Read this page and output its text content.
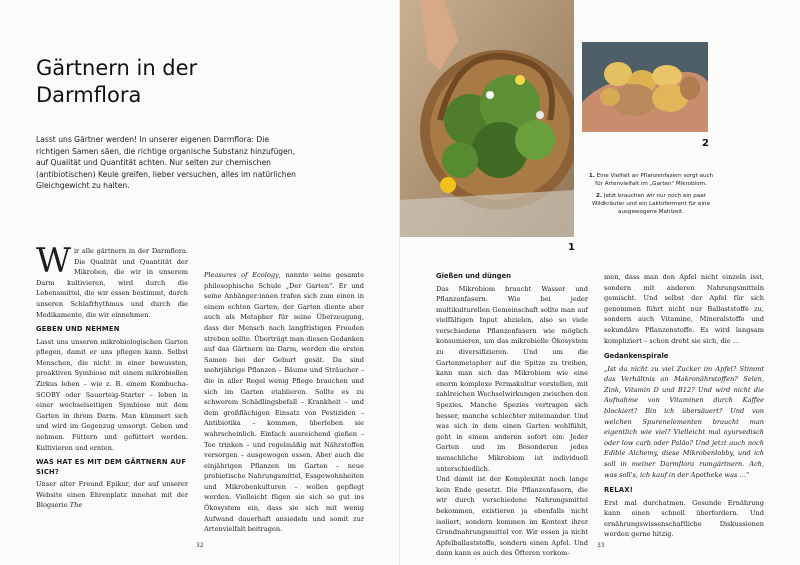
Gärtnern in der
Darmflora

Lasst uns Gärtner werden! In unserer eigenen Darmflora: Die richtigen Samen säen, die richtige organische Substanz hinzufügen, auf Qualität und Quantität achten. Nur selten zur chemischen (antibiotischen) Keule greifen, lieber versuchen, alles im natürlichen Gleichgewicht zu halten.

Wir alle gärtnern in der Darmflora. Die Qualität und Quantität der Mikroben, die wir in unserem Darm kultivieren, wird durch die Lebensmittel, die wir essen bestimmt, durch unseren Schlafrhythmus und durch die Medikamente, die wir einnehmen.

GEBEN UND NEHMEN

Lasst uns unseren mikrobiologischen Garten pflegen, damit er uns pflegen kann. Selbst Menschen, die nicht in einer bewussten, proaktiven Symbiose mit einem mikrobiellen Zirkus leben – wie z. B. einem Kombucha-SCOBY oder Sauerteig-Starter – leben in einer wechselseitigen Symbiose mit dem Garten in ihrem Darm. Man kümmert sich und wird im Gegenzug umsorgt. Geben und nehmen. Füttern und gefüttert werden. Kultivieren und ernten.

WAS HAT ES MIT DEM GÄRTNERN AUF SICH?

Unser alter Freund Epikur, der auf unserer Website einen Ehrenplatz innehat mit der Blogserie The

Pleasures of Ecology, nannte seine gesamte philosophische Schule „Der Garten". Er und seine Anhänger:innen trafen sich zum einen in einem echten Garten, der Garten diente aber auch als Metapher für seine Überzeugung, dass der Mensch nach langfristigen Freuden streben sollte. Überträgt man diesen Gedanken auf das Gärtnern im Darm, werden die ersten Samen bei der Geburt gesät. Da sind mehrjährige Pflanzen – Bäume und Sträucher – die in aller Regel wenig Pflege brauchen und sich im Garten etablieren. Sollte es zu schwerem Schädlingsbefall – Krankheit – und dem großflächigen Einsatz von Pestiziden – Antibiotika – kommen, überleben sie wahrscheinlich. Einfach ausreichend gießen – Tee trinken – und regelmäßig mit Nährstoffen versorgen – ausgewogen essen. Aber auch die einjährigen Pflanzen im Garten – neue probiotische Nahrungsmittel, Essgewohnheiten und Mikrobenkulturen – wollen gepflegt werden. Vielleicht fügen sie sich so gut ins Ökosystem ein, dass sie sich mit wenig Aufwand dauerhaft ansiedeln und somit zur Artenvielfalt beitragen.

32
1
2
1. Eine Vielfalt an Pflanzenfasern sorgt auch für Artenvielfalt im „Garten" Mikrobiom.
2. Jetzt brauchen wir nur noch ein paar Wildkräuter und ein Laktoferment für eine ausgewogene Mahlzeit.
Gießen und düngen

Das Mikrobiom braucht Wasser und Pflanzenfasern. Wie bei jeder multikulturellen Gemeinschaft sollte man auf vielfältigen Input abzielen, also so viele verschiedene Pflanzenfasern wie möglich konsumieren, um das mikrobielle Ökosystem zu diversifizieren. Und um die Gartenmetapher auf die Spitze zu treiben, kann man sich das Mikrobiom wie eine enorm komplexe Permakultur vorstellen, mit zahlreichen Wechselwirkungen zwischen den Spezies. Manche Spezies vertragen sich besser, manche schlechter miteinander. Und was sich in dem einen Garten wohlfühlt, geht in einem anderen sofort ein: Jeder Garten und im Besonderen jedes menschliche Mikrobiom ist individuell unterschiedlich.

Und damit ist der Komplexität noch lange kein Ende gesetzt. Die Pflanzenfasern, die wir durch verschiedene Nahrungsmittel bekommen, existieren ja ebenfalls nicht isoliert, sondern kommen im Kontext ihrer Grundnahrungsmittel vor. Wir essen ja nicht Apfelballaststoffe, sondern einen Apfel. Und dann kann es auch des Öfteren vorkom-

men, dass man den Apfel nicht einzeln isst, sondern mit anderen Nahrungsmitteln gemischt. Und selbst der Apfel für sich genommen führt nicht nur Ballaststoffe zu, sondern auch Vitamine, Mineralstoffe und sekundäre Pflanzenstoffe. Es wird langsam kompliziert – schon dreht sie sich, die …

Gedankenspirale

„Ist da nicht zu viel Zucker im Apfel? Stimmt das Verhältnis an Makronährstoffen? Selen, Zink, Vitamin D und B12? Und wird nicht die Aufnahme von Vitaminen durch Kaffee blockiert? Bin ich übersäuert? Und von welchen Spurenelementen braucht man eigentlich wie viel? Vielleicht mal ayurvedisch oder low carb oder Paläo? Und jetzt auch noch Edible Alchemy, diese Mikrobenlobby, und ich soll in meiner Darmflora rumgärtnern. Ach, was soll's, ich kauf in der Apotheke was …"

RELAX!

Erst mal durchatmen. Gesunde Ernährung kann einen schnell überfordern. Und ernährungswissenschaftliche Diskussionen werden gerne hitzig.

33
